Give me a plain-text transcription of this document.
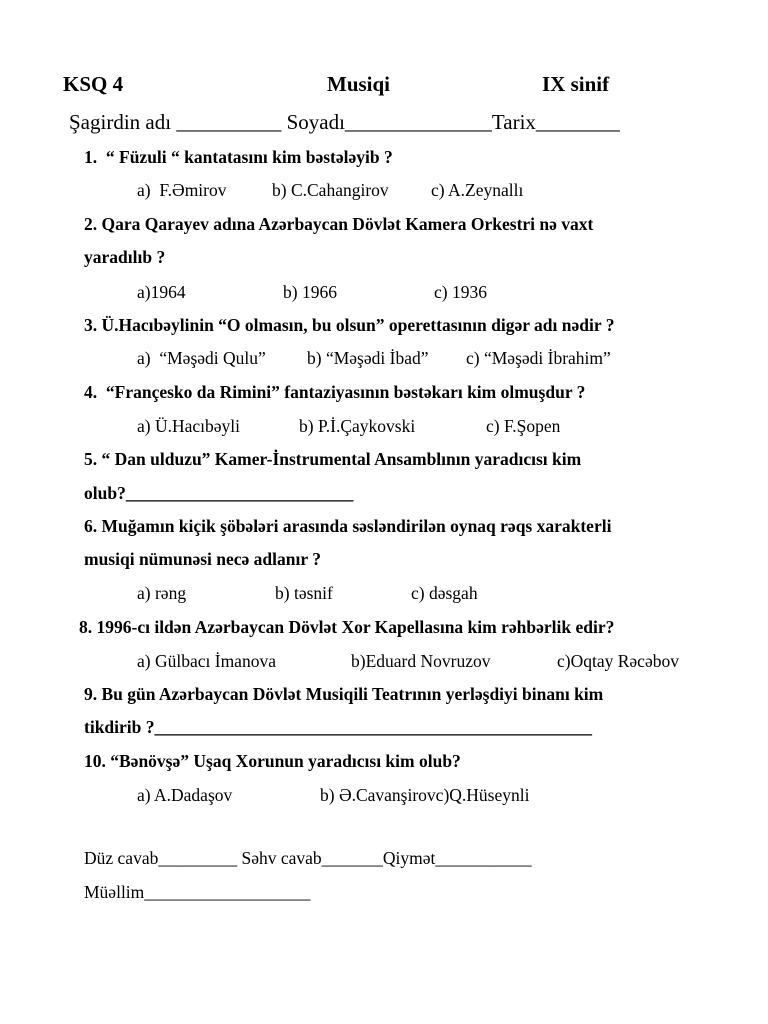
KSQ 4	Musiqi	IX sinif
Şagirdin adı __________ Soyadı______________Tarix________
1.  “ Füzuli “ kantatasını kim bəstələyib ?
a)  F.Əmirov	b) C.Cahangirov c) A.Zeynallı
2. Qara Qarayev adına Azərbaycan Dövlət Kamera Orkestri nə vaxt
yaradılıb ?
a)1964	b) 1966	c) 1936
3. Ü.Hacıbəylinin “O olmasın, bu olsun” operettasının digər adı nədir ?
a)  “Məşədi Qulu” b) “Məşədi İbad” c) “Məşədi İbrahim”
4.  “Françesko da Rimini” fantaziyasının bəstəkarı kim olmuşdur ?
a) Ü.Hacıbəyli	b) P.İ.Çaykovski	c) F.Şopen
5. “ Dan ulduzu” Kamer-İnstrumental Ansamblının yaradıcısı kim
olub?__________________________
6. Muğamın kiçik şöbələri arasında səsləndirilən oynaq rəqs xarakterli
musiqi nümunəsi necə adlanır ?
a) rəng	b) təsnif	c) dəsgah
8. 1996-cı ildən Azərbaycan Dövlət Xor Kapellasına kim rəhbərlik edir?
a) Gülbacı İmanova	b)Eduard Novruzov	c)Oqtay Rəcəbov
9. Bu gün Azərbaycan Dövlət Musiqili Teatrının yerləşdiyi binanı kim
tikdirib ?__________________________________________________
10. “Bənövşə” Uşaq Xorunun yaradıcısı kim olub?
a) A.Dadaşov	b) Ə.Cavanşirovc)Q.Hüseynli
Düz cavab_________ Səhv cavab_______Qiymət___________
Müəllim___________________
